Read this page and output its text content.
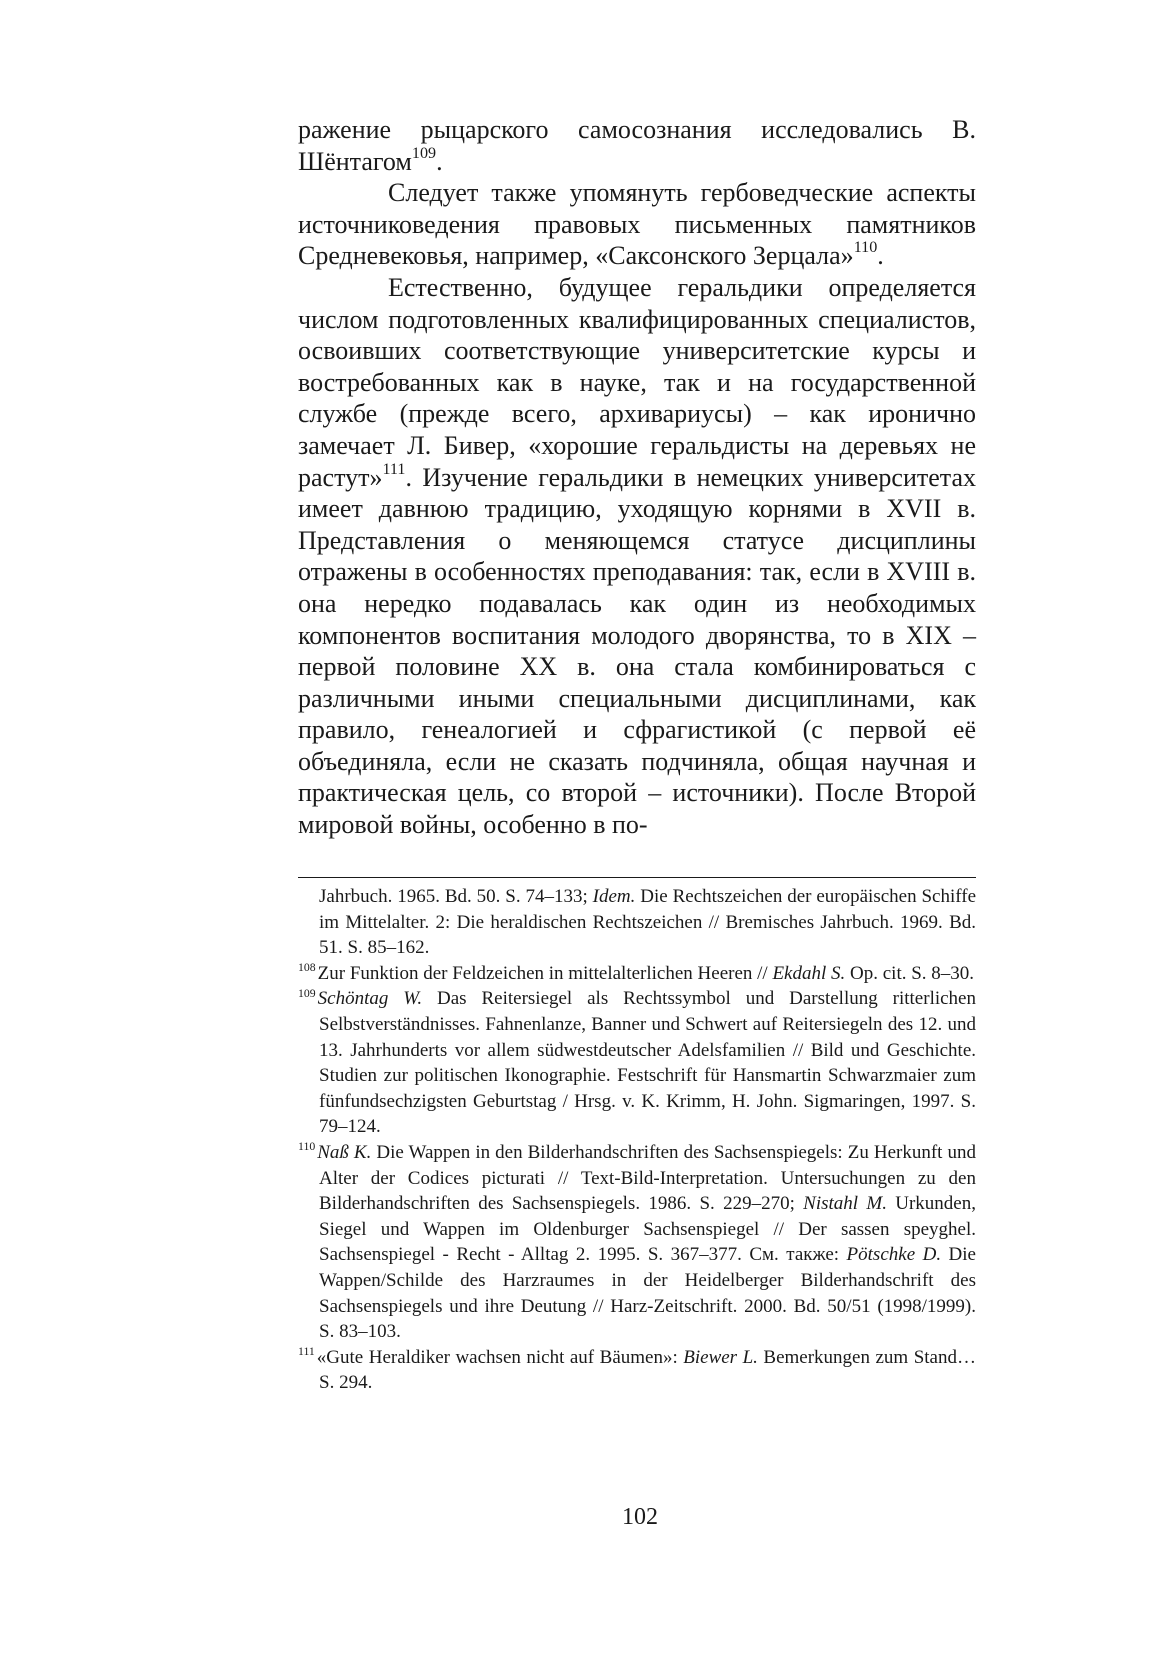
ражение рыцарского самосознания исследовались В. Шёнтагом$^{109}$.

Следует также упомянуть гербоведческие аспекты источниковедения правовых письменных памятников Средневековья, например, «Саксонского Зерцала»$^{110}$.

Естественно, будущее геральдики определяется числом подготовленных квалифицированных специалистов, освоивших соответствующие университетские курсы и востребованных как в науке, так и на государственной службе (прежде всего, архивариусы) – как иронично замечает Л. Бивер, «хорошие геральдисты на деревьях не растут»$^{111}$. Изучение геральдики в немецких университетах имеет давнюю традицию, уходящую корнями в XVII в. Представления о меняющемся статусе дисциплины отражены в особенностях преподавания: так, если в XVIII в. она нередко подавалась как один из необходимых компонентов воспитания молодого дворянства, то в XIX – первой половине XX в. она стала комбинироваться с различными иными специальными дисциплинами, как правило, генеалогией и сфрагистикой (с первой её объединяла, если не сказать подчиняла, общая научная и практическая цель, со второй – источники). После Второй мировой войны, особенно в по-

Jahrbuch. 1965. Bd. 50. S. 74–133; Idem. Die Rechtszeichen der europäischen Schiffe im Mittelalter. 2: Die heraldischen Rechtszeichen // Bremisches Jahrbuch. 1969. Bd. 51. S. 85–162.

$^{108}$ Zur Funktion der Feldzeichen in mittelalterlichen Heeren // Ekdahl S. Op. cit. S. 8–30.

$^{109}$ Schöntag W. Das Reitersiegel als Rechtssymbol und Darstellung ritterlichen Selbstverständnisses. Fahnenlanze, Banner und Schwert auf Reitersiegeln des 12. und 13. Jahrhunderts vor allem südwestdeutscher Adelsfamilien // Bild und Geschichte. Studien zur politischen Ikonographie. Festschrift für Hansmartin Schwarzmaier zum fünfundsechzigsten Geburtstag / Hrsg. v. K. Krimm, H. John. Sigmaringen, 1997. S. 79–124.

$^{110}$ Naß K. Die Wappen in den Bilderhandschriften des Sachsenspiegels: Zu Herkunft und Alter der Codices picturati // Text-Bild-Interpretation. Untersuchungen zu den Bilderhandschriften des Sachsenspiegels. 1986. S. 229–270; Nistahl M. Urkunden, Siegel und Wappen im Oldenburger Sachsenspiegel // Der sassen speyghel. Sachsenspiegel - Recht - Alltag 2. 1995. S. 367–377. См. также: Pötschke D. Die Wappen/Schilde des Harzraumes in der Heidelberger Bilderhandschrift des Sachsenspiegels und ihre Deutung // Harz-Zeitschrift. 2000. Bd. 50/51 (1998/1999). S. 83–103.

$^{111}$ «Gute Heraldiker wachsen nicht auf Bäumen»: Biewer L. Bemerkungen zum Stand… S. 294.

102
